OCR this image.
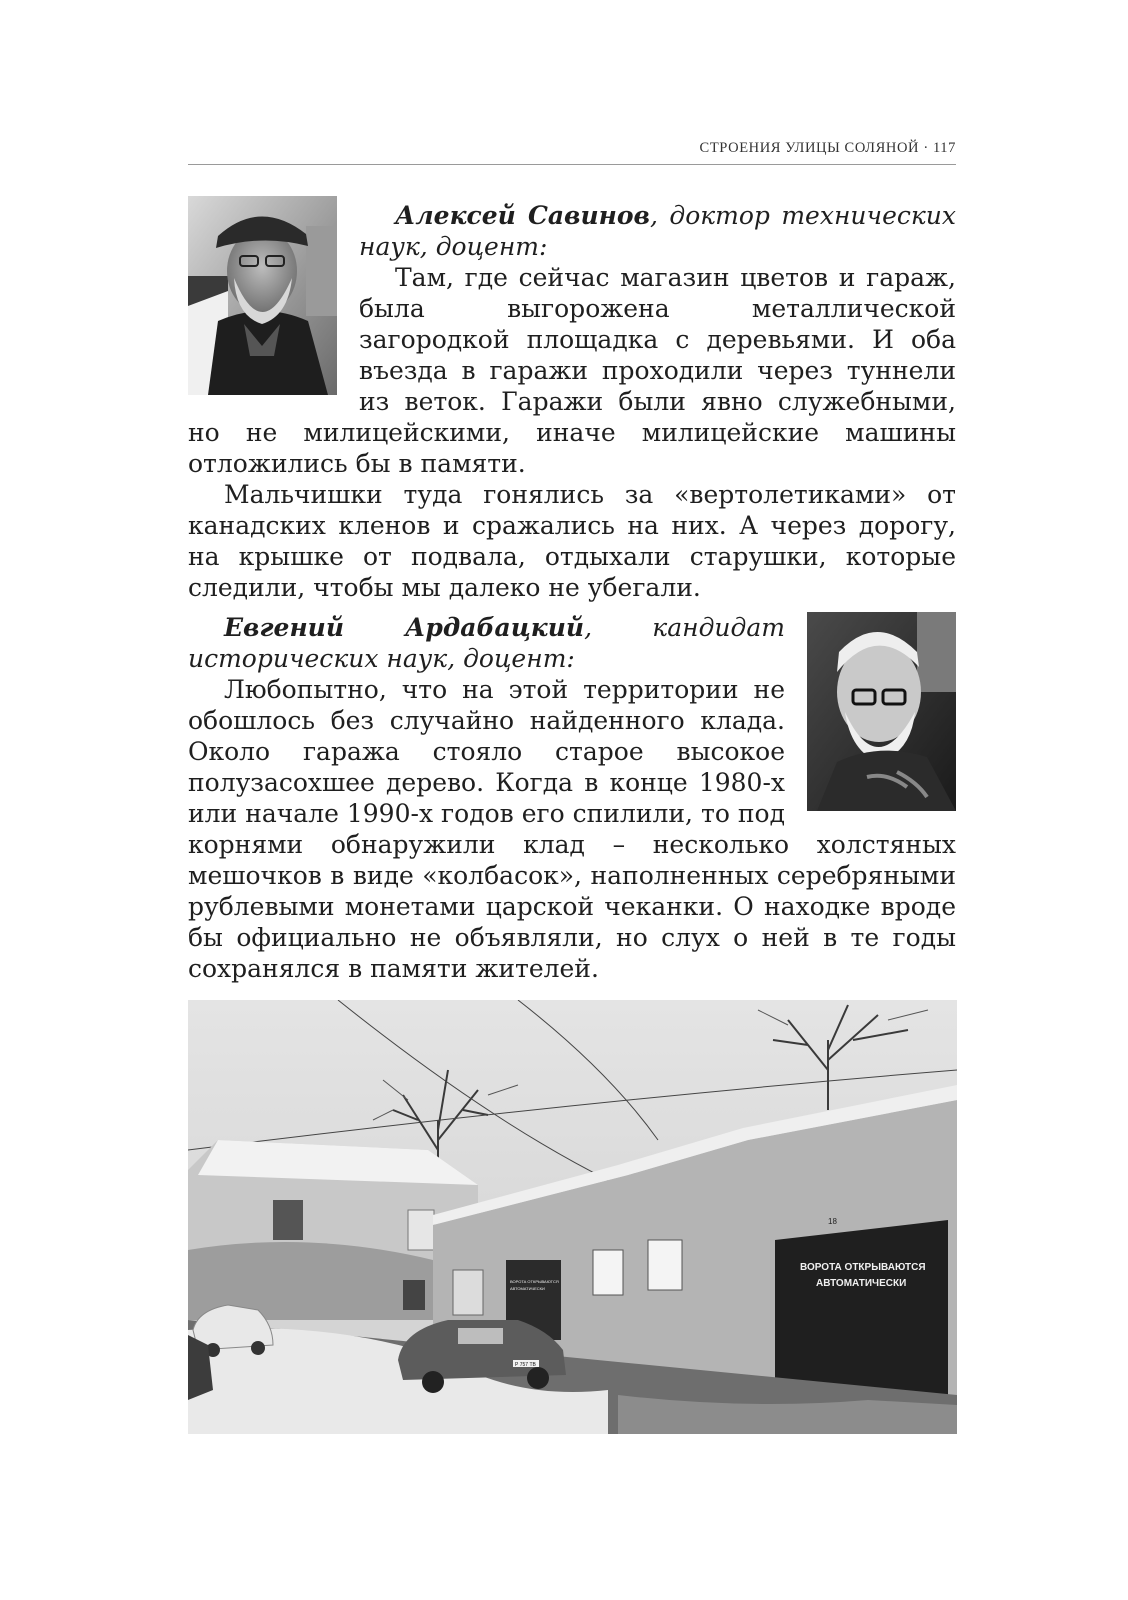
СТРОЕНИЯ УЛИЦЫ СОЛЯНОЙ · 117

Алексей Савинов, доктор технических наук, доцент:

Там, где сейчас магазин цветов и гараж, была выгорожена металлической загородкой площадка с деревьями. И оба въезда в гаражи проходили через туннели из веток. Гаражи были явно служебными, но не милицейскими, иначе милицейские машины отложились бы в памяти.

Мальчишки туда гонялись за «вертолетиками» от канадских кленов и сражались на них. А через дорогу, на крышке от подвала, отдыхали старушки, которые следили, чтобы мы далеко не убегали.

Евгений Ардабацкий, кандидат исторических наук, доцент:

Любопытно, что на этой территории не обошлось без случайно найденного клада. Около гаража стояло старое высокое полузасохшее дерево. Когда в конце 1980-х или начале 1990-х годов его спилили, то под корнями обнаружили клад – несколько холстяных мешочков в виде «колбасок», наполненных серебряными рублевыми монетами царской чеканки. О находке вроде бы официально не объявляли, но слух о ней в те годы сохранялся в памяти жителей.

ВОРОТА ОТКРЫВАЮТСЯ
АВТОМАТИЧЕСКИ
ВОРОТА ОТКРЫВАЮТСЯ
АВТОМАТИЧЕСКИ
18
Р 757 ТВ
